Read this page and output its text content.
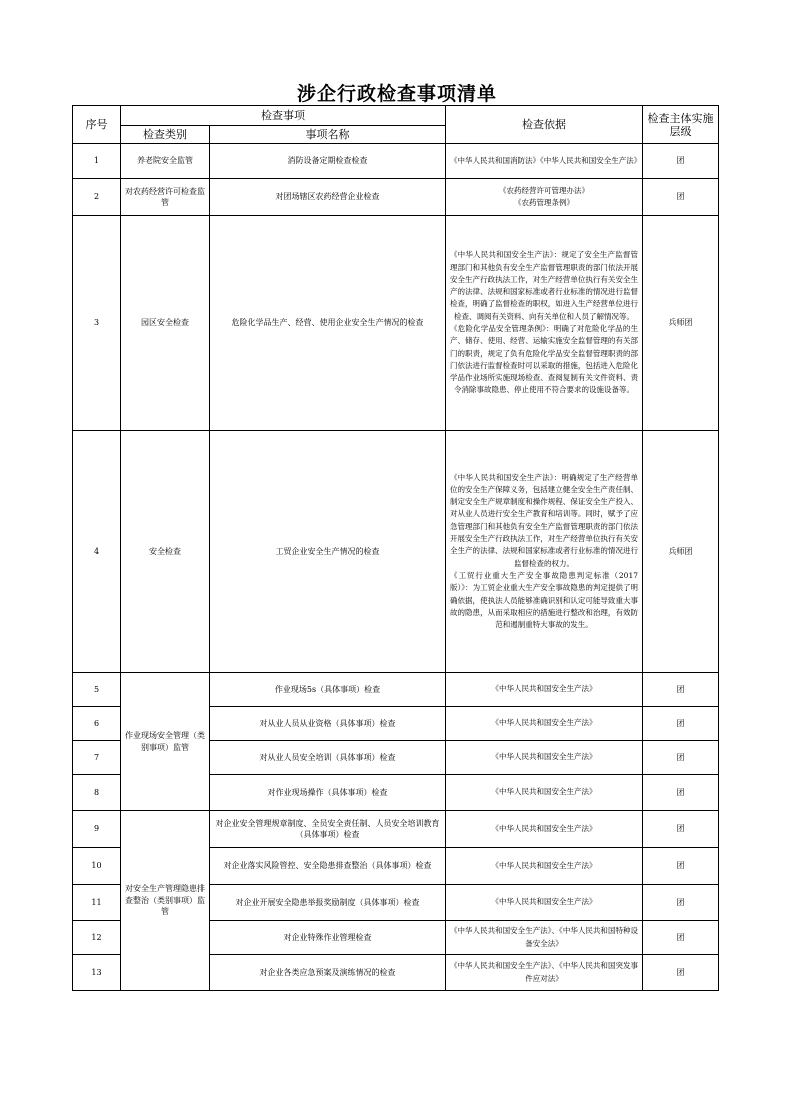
涉企行政检查事项清单
序号	检查事项		检查依据	检查主体实施层级
	检查类别	事项名称		
1	养老院安全监管	消防设备定期检查检查	《中华人民共和国消防法》《中华人民共和国安全生产法》	团
2	对农药经营许可检查监管	对团场辖区农药经营企业检查	《农药经营许可管理办法》
《农药管理条例》	团
3	园区安全检查	危险化学品生产、经营、使用企业安全生产情况的检查	《中华人民共和国安全生产法》：规定了安全生产监督管理部门和其他负有安全生产监督管理职责的部门依法开展安全生产行政执法工作，对生产经营单位执行有关安全生产的法律、法规和国家标准或者行业标准的情况进行监督检查，明确了监督检查的职权，如进入生产经营单位进行检查、调阅有关资料、向有关单位和人员了解情况等。
《危险化学品安全管理条例》：明确了对危险化学品的生产、储存、使用、经营、运输实施安全监督管理的有关部门的职责，规定了负有危险化学品安全监督管理职责的部门依法进行监督检查时可以采取的措施，包括进入危险化学品作业场所实施现场检查、查阅复制有关文件资料、责令消除事故隐患、停止使用不符合要求的设施设备等。	兵师团
4	安全检查	工贸企业安全生产情况的检查	《中华人民共和国安全生产法》：明确规定了生产经营单位的安全生产保障义务，包括建立健全安全生产责任制、制定安全生产规章制度和操作规程、保证安全生产投入、对从业人员进行安全生产教育和培训等。同时，赋予了应急管理部门和其他负有安全生产监督管理职责的部门依法开展安全生产行政执法工作，对生产经营单位执行有关安全生产的法律、法规和国家标准或者行业标准的情况进行监督检查的权力。
《工贸行业重大生产安全事故隐患判定标准（2017版）》：为工贸企业重大生产安全事故隐患的判定提供了明确依据，使执法人员能够准确识别和认定可能导致重大事故的隐患，从而采取相应的措施进行整改和治理，有效防范和遏制重特大事故的发生。	兵师团
5	作业现场安全管理（类别事项）监管	作业现场5s（具体事项）检查	《中华人民共和国安全生产法》	团
6		对从业人员从业资格（具体事项）检查	《中华人民共和国安全生产法》	团
7		对从业人员安全培训（具体事项）检查	《中华人民共和国安全生产法》	团
8		对作业现场操作（具体事项）检查	《中华人民共和国安全生产法》	团
9	对安全生产管理隐患排查整治（类别事项）监管	对企业安全管理规章制度、全员安全责任制、人员安全培训教育（具体事项）检查	《中华人民共和国安全生产法》	团
10		对企业落实风险管控、安全隐患排查整治（具体事项）检查	《中华人民共和国安全生产法》	团
11		对企业开展安全隐患举报奖励制度（具体事项）检查	《中华人民共和国安全生产法》	团
12		对企业特殊作业管理检查	《中华人民共和国安全生产法》、《中华人民共和国特种设备安全法》	团
13		对企业各类应急预案及演练情况的检查	《中华人民共和国安全生产法》、《中华人民共和国突发事件应对法》	团
